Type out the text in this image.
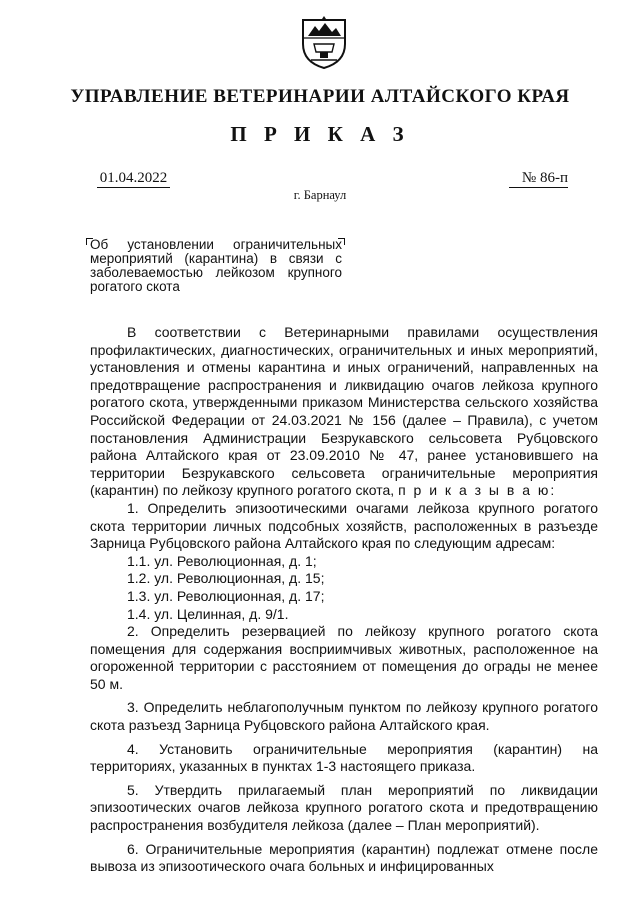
УПРАВЛЕНИЕ ВЕТЕРИНАРИИ АЛТАЙСКОГО КРАЯ
П Р И К А З
01.04.2022	№ 86-п
г. Барнаул
Об установлении ограничительных мероприятий (карантина) в связи с заболеваемостью лейкозом крупного рогатого скота

В соответствии с Ветеринарными правилами осуществления профилактических, диагностических, ограничительных и иных мероприятий, установления и отмены карантина и иных ограничений, направленных на предотвращение распространения и ликвидацию очагов лейкоза крупного рогатого скота, утвержденными приказом Министерства сельского хозяйства Российской Федерации от 24.03.2021 № 156 (далее – Правила), с учетом постановления Администрации Безрукавского сельсовета Рубцовского района Алтайского края от 23.09.2010 № 47, ранее установившего на территории Безрукавского сельсовета ограничительные мероприятия (карантин) по лейкозу крупного рогатого скота, п р и к а з ы в а ю:

1. Определить эпизоотическими очагами лейкоза крупного рогатого скота территории личных подсобных хозяйств, расположенных в разъезде Зарница Рубцовского района Алтайского края по следующим адресам:

1.1. ул. Революционная, д. 1;

1.2. ул. Революционная, д. 15;

1.3. ул. Революционная, д. 17;

1.4. ул. Целинная, д. 9/1.

2. Определить резервацией по лейкозу крупного рогатого скота помещения для содержания восприимчивых животных, расположенное на огороженной территории с расстоянием от помещения до ограды не менее 50 м.

3. Определить неблагополучным пунктом по лейкозу крупного рогатого скота разъезд Зарница Рубцовского района Алтайского края.

4. Установить ограничительные мероприятия (карантин) на территориях, указанных в пунктах 1-3 настоящего приказа.

5. Утвердить прилагаемый план мероприятий по ликвидации эпизоотических очагов лейкоза крупного рогатого скота и предотвращению распространения возбудителя лейкоза (далее – План мероприятий).

6. Ограничительные мероприятия (карантин) подлежат отмене после вывоза из эпизоотического очага больных и инфицированных
